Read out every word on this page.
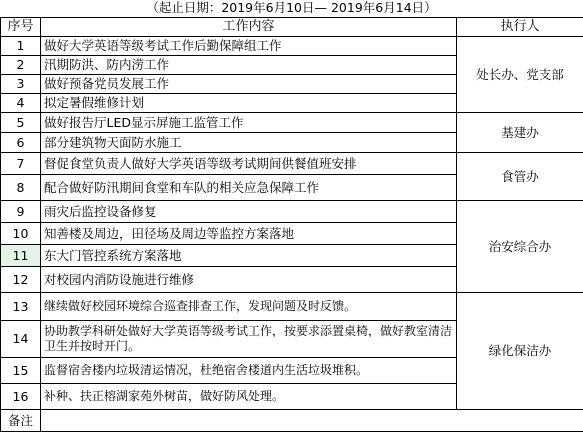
（起止日期：2019年6月10日— 2019年6月14日）
序号	工作内容	执行人
1	做好大学英语等级考试工作后勤保障组工作	处长办、党支部
2	汛期防洪、防内涝工作	
3	做好预备党员发展工作	
4	拟定暑假维修计划	
5	做好报告厅LED显示屏施工监管工作	基建办
6	部分建筑物天面防水施工	
7	督促食堂负责人做好大学英语等级考试期间供餐值班安排	食管办
8	配合做好防汛期间食堂和车队的相关应急保障工作	
9	雨灾后监控设备修复	治安综合办
10	知善楼及周边，田径场及周边等监控方案落地	
11	东大门管控系统方案落地	
12	对校园内消防设施进行维修	
13	继续做好校园环境综合巡查排查工作，发现问题及时反馈。	绿化保洁办
14	协助教学科研处做好大学英语等级考试工作，按要求添置桌椅，做好教室清洁卫生并按时开门。	
15	监督宿舍楼内垃圾清运情况，杜绝宿舍楼道内生活垃圾堆积。	
16	补种、扶正榕湖家苑外树苗，做好防风处理。	
备注		
